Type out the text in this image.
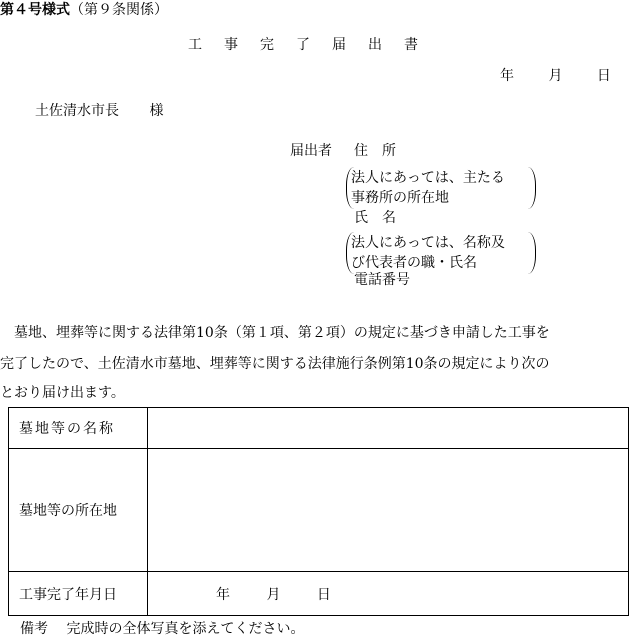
第４号様式（第９条関係）
工事完了届出書
年 月 日
土佐清水市長 様
届出者 住　所
法人にあっては、主たる
事務所の所在地
氏　名
法人にあっては、名称及
び代表者の職・氏名
電話番号
　墓地、埋葬等に関する法律第10条（第１項、第２項）の規定に基づき申請した工事を
完了したので、土佐清水市墓地、埋葬等に関する法律施行条例第10条の規定により次の
とおり届け出ます。
墓地等の名称	
墓地等の所在地	
工事完了年月日	年 月 日
備考 完成時の全体写真を添えてください。
